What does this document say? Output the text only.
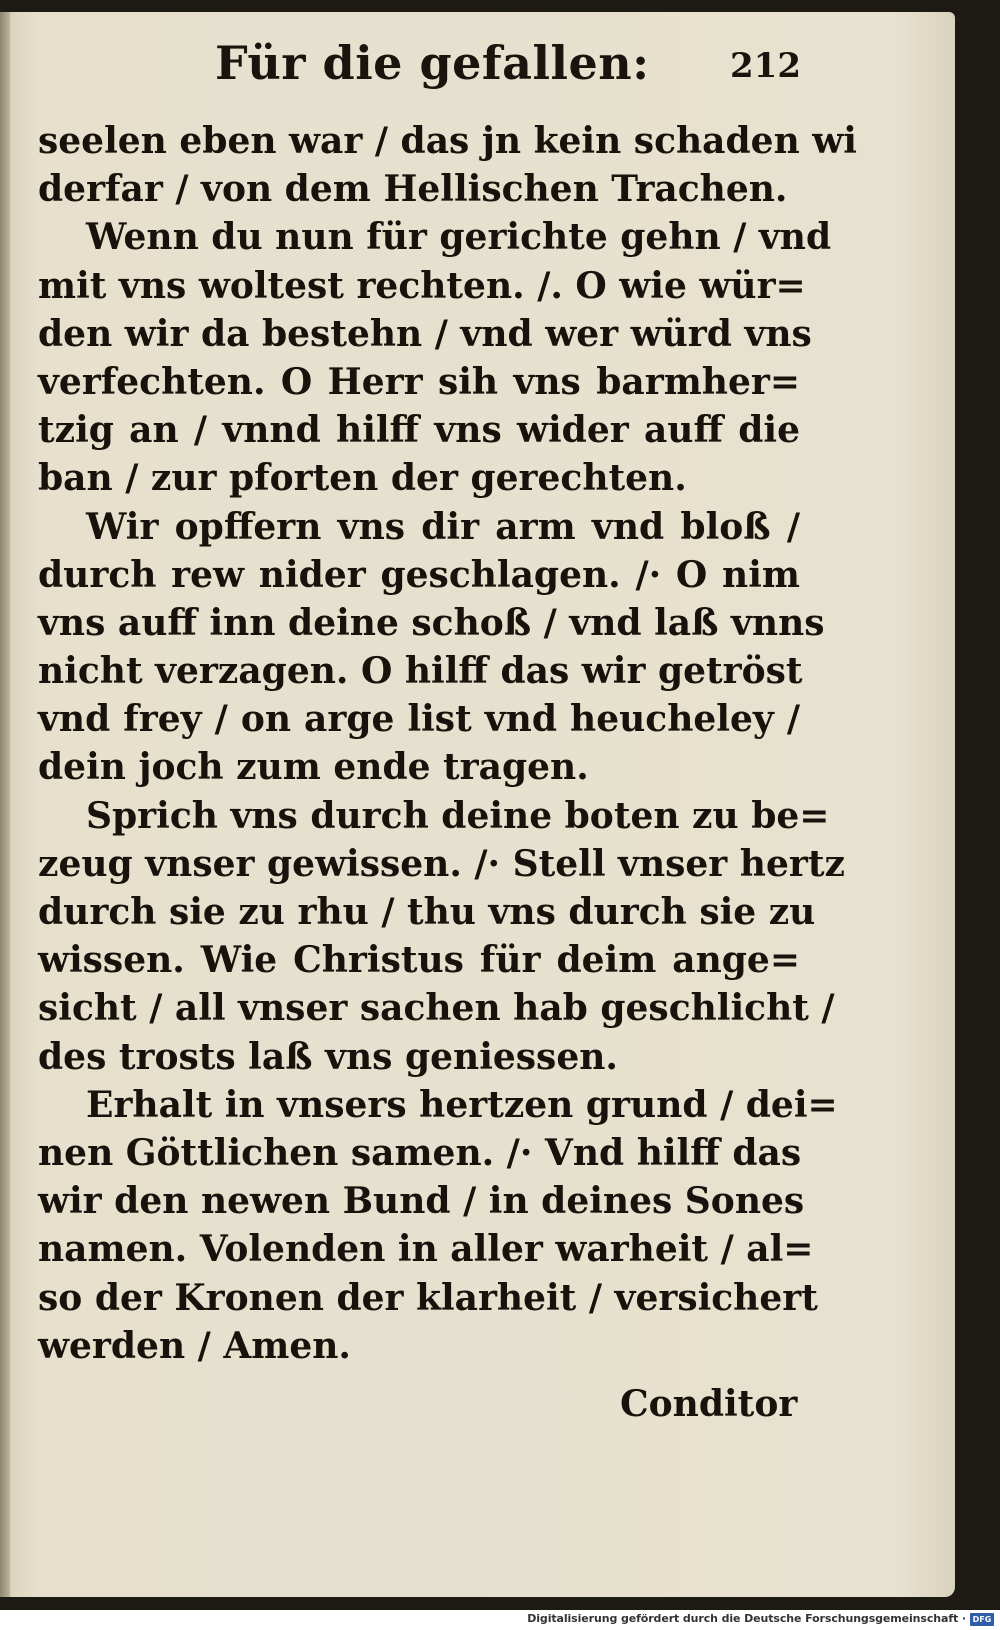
Für die gefallen: 212
seelen eben war / das jn kein schaden wi
derfar / von dem Hellischen Trachen.
Wenn du nun für gerichte gehn / vnd
mit vns woltest rechten. /. O wie wür=
den wir da bestehn / vnd wer würd vns
verfechten. O Herr sih vns barmher=
tzig an / vnnd hilff vns wider auff die
ban / zur pforten der gerechten.
Wir opffern vns dir arm vnd bloß /
durch rew nider geschlagen. /· O nim
vns auff inn deine schoß / vnd laß vnns
nicht verzagen. O hilff das wir getröst
vnd frey / on arge list vnd heucheley /
dein joch zum ende tragen.
Sprich vns durch deine boten zu be=
zeug vnser gewissen. /· Stell vnser hertz
durch sie zu rhu / thu vns durch sie zu
wissen. Wie Christus für deim ange=
sicht / all vnser sachen hab geschlicht /
des trosts laß vns geniessen.
Erhalt in vnsers hertzen grund / dei=
nen Göttlichen samen. /· Vnd hilff das
wir den newen Bund / in deines Sones
namen. Volenden in aller warheit / al=
so der Kronen der klarheit / versichert
werden / Amen.
Conditor
Digitalisierung gefördert durch die Deutsche Forschungsgemeinschaft · DFG
